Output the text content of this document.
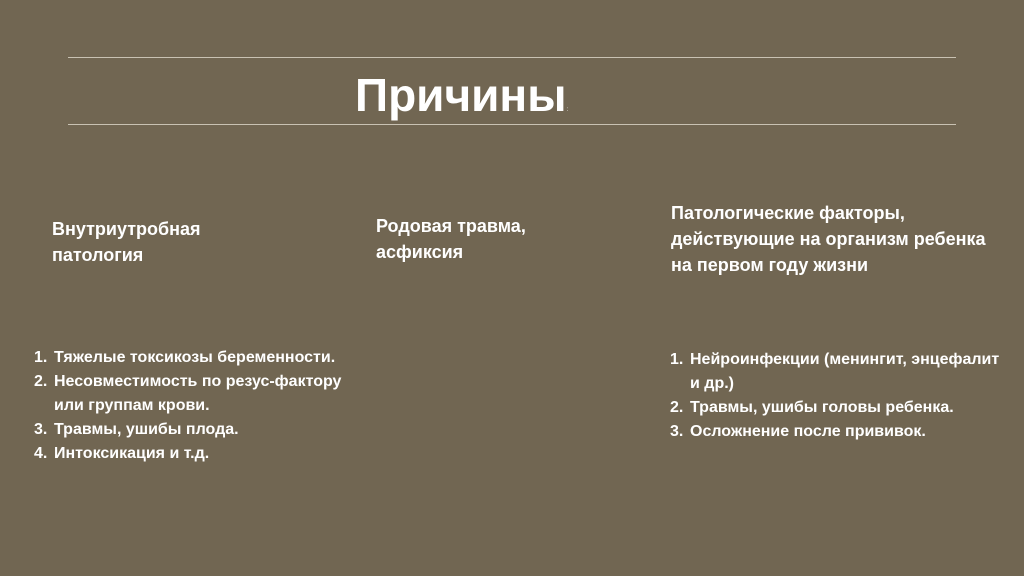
Причины:
Внутриутробная патология
Родовая травма, асфиксия
Патологические факторы, действующие на организм ребенка на первом году жизни
1. Тяжелые токсикозы беременности.
2. Несовместимость по резус-фактору или группам крови.
3. Травмы, ушибы плода.
4. Интоксикация и т.д.
1. Нейроинфекции (менингит, энцефалит и др.)
2. Травмы, ушибы головы ребенка.
3. Осложнение после прививок.
